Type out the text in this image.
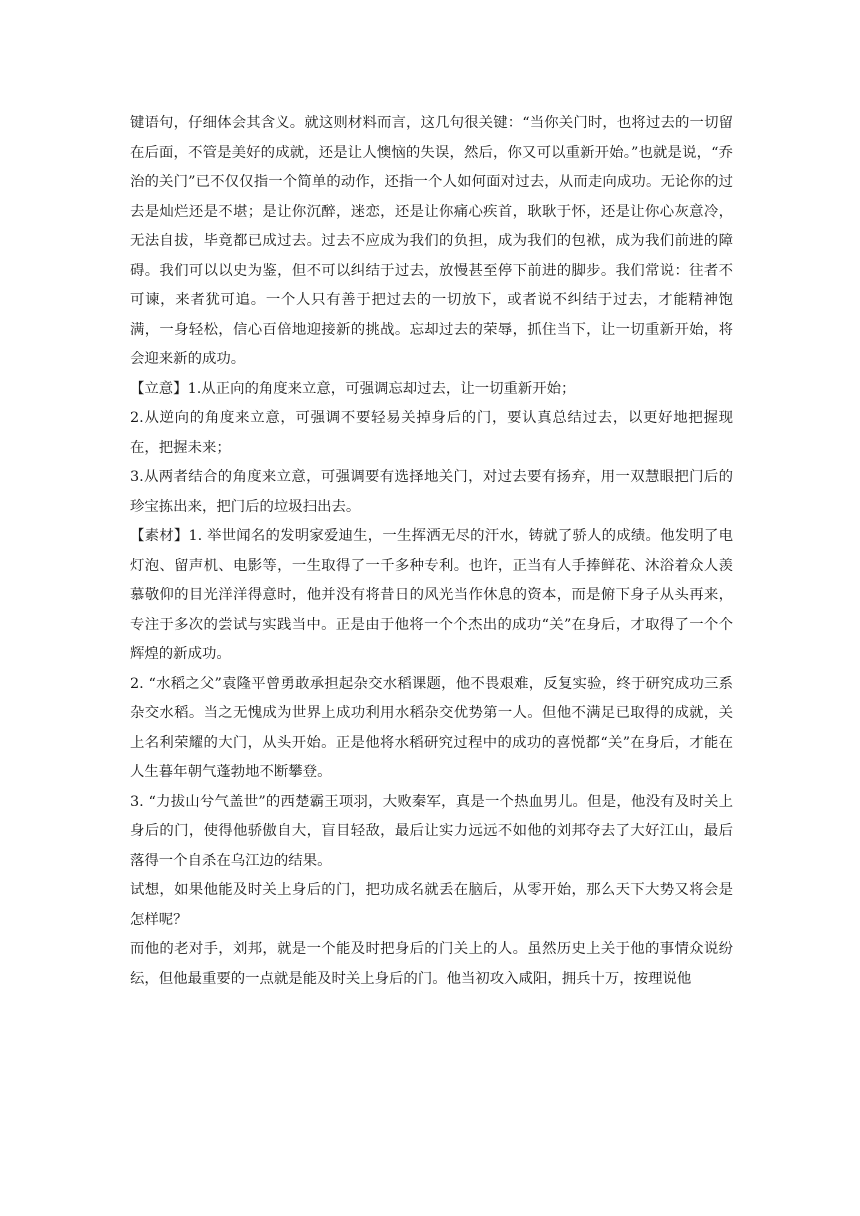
键语句，仔细体会其含义。就这则材料而言，这几句很关键：“当你关门时，也将过去的一切留在后面，不管是美好的成就，还是让人懊恼的失误，然后，你又可以重新开始。”也就是说，“乔治的关门”已不仅仅指一个简单的动作，还指一个人如何面对过去，从而走向成功。无论你的过去是灿烂还是不堪；是让你沉醉，迷恋，还是让你痛心疾首，耿耿于怀，还是让你心灰意冷，无法自拔，毕竟都已成过去。过去不应成为我们的负担，成为我们的包袱，成为我们前进的障碍。我们可以以史为鉴，但不可以纠结于过去，放慢甚至停下前进的脚步。我们常说：往者不可谏，来者犹可追。一个人只有善于把过去的一切放下，或者说不纠结于过去，才能精神饱满，一身轻松，信心百倍地迎接新的挑战。忘却过去的荣辱，抓住当下，让一切重新开始，将会迎来新的成功。

【立意】1.从正向的角度来立意，可强调忘却过去，让一切重新开始；

2.从逆向的角度来立意，可强调不要轻易关掉身后的门，要认真总结过去，以更好地把握现在，把握未来；

3.从两者结合的角度来立意，可强调要有选择地关门，对过去要有扬弃，用一双慧眼把门后的珍宝拣出来，把门后的垃圾扫出去。

【素材】1. 举世闻名的发明家爱迪生，一生挥洒无尽的汗水，铸就了骄人的成绩。他发明了电灯泡、留声机、电影等，一生取得了一千多种专利。也许，正当有人手捧鲜花、沐浴着众人羡慕敬仰的目光洋洋得意时，他并没有将昔日的风光当作休息的资本，而是俯下身子从头再来，专注于多次的尝试与实践当中。正是由于他将一个个杰出的成功“关”在身后，才取得了一个个辉煌的新成功。

2. “水稻之父”袁隆平曾勇敢承担起杂交水稻课题，他不畏艰难，反复实验，终于研究成功三系杂交水稻。当之无愧成为世界上成功利用水稻杂交优势第一人。但他不满足已取得的成就，关上名利荣耀的大门，从头开始。正是他将水稻研究过程中的成功的喜悦都“关”在身后，才能在人生暮年朝气蓬勃地不断攀登。

3. “力拔山兮气盖世”的西楚霸王项羽，大败秦军，真是一个热血男儿。但是，他没有及时关上身后的门，使得他骄傲自大，盲目轻敌，最后让实力远远不如他的刘邦夺去了大好江山，最后落得一个自杀在乌江边的结果。

试想，如果他能及时关上身后的门，把功成名就丢在脑后，从零开始，那么天下大势又将会是怎样呢？

而他的老对手，刘邦，就是一个能及时把身后的门关上的人。虽然历史上关于他的事情众说纷纭，但他最重要的一点就是能及时关上身后的门。他当初攻入咸阳，拥兵十万，按理说他
